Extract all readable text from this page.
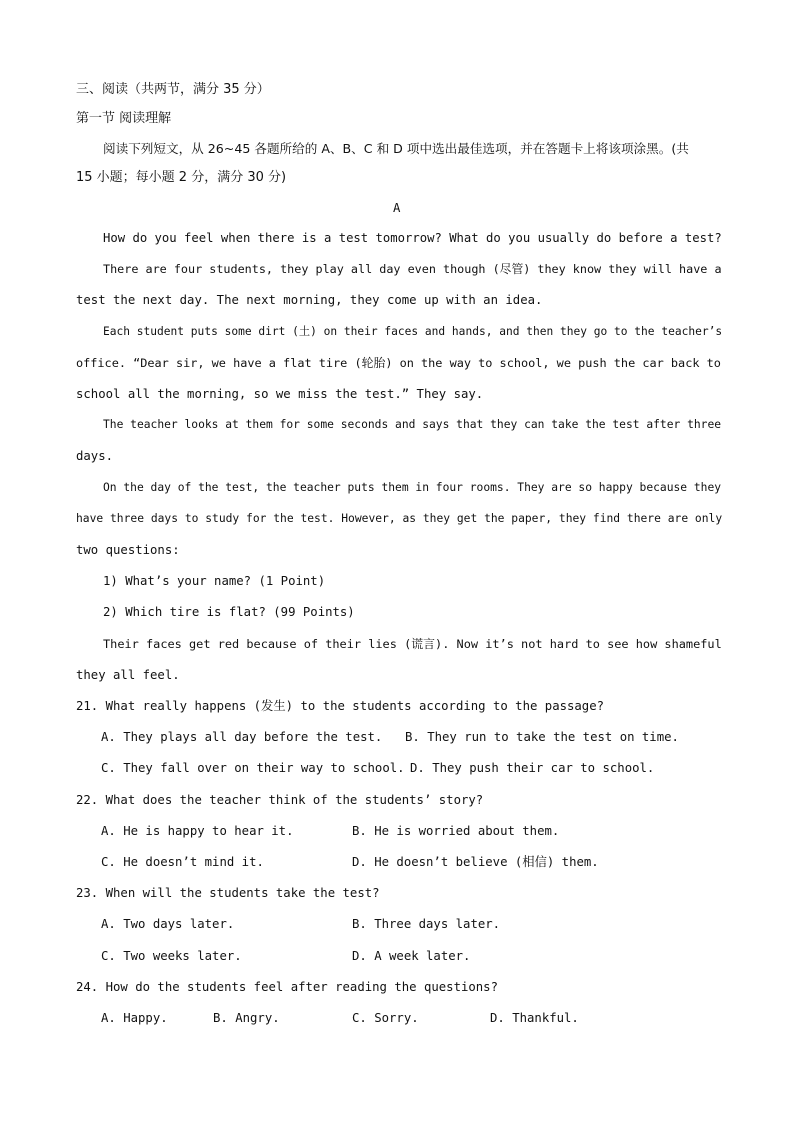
三、阅读（共两节，满分 35 分）
第一节 阅读理解
阅读下列短文，从 26~45 各题所给的 A、B、C 和 D 项中选出最佳选项，并在答题卡上将该项涂黑。(共
15 小题；每小题 2 分，满分 30 分)
A
How do you feel when there is a test tomorrow? What do you usually do before a test?
There are four students, they play all day even though (尽管) they know they will have a
test the next day. The next morning, they come up with an idea.
Each student puts some dirt (土) on their faces and hands, and then they go to the teacher’s
office. “Dear sir, we have a flat tire (轮胎) on the way to school, we push the car back to
school all the morning, so we miss the test.” They say.
The teacher looks at them for some seconds and says that they can take the test after three
days.
On the day of the test, the teacher puts them in four rooms. They are so happy because they
have three days to study for the test. However, as they get the paper, they find there are only
two questions:
1) What’s your name? (1 Point)
2) Which tire is flat? (99 Points)
Their faces get red because of their lies (谎言). Now it’s not hard to see how shameful
they all feel.
21. What really happens (发生) to the students according to the passage?
A. They plays all day before the test. B. They run to take the test on time.
C. They fall over on their way to school. D. They push their car to school.
22. What does the teacher think of the students’ story?
A. He is happy to hear it.	B. He is worried about them.
C. He doesn’t mind it.	D. He doesn’t believe (相信) them.
23. When will the students take the test?
A. Two days later.	B. Three days later.
C. Two weeks later.	D. A week later.
24. How do the students feel after reading the questions?
A. Happy.	B. Angry.	C. Sorry.	D. Thankful.
